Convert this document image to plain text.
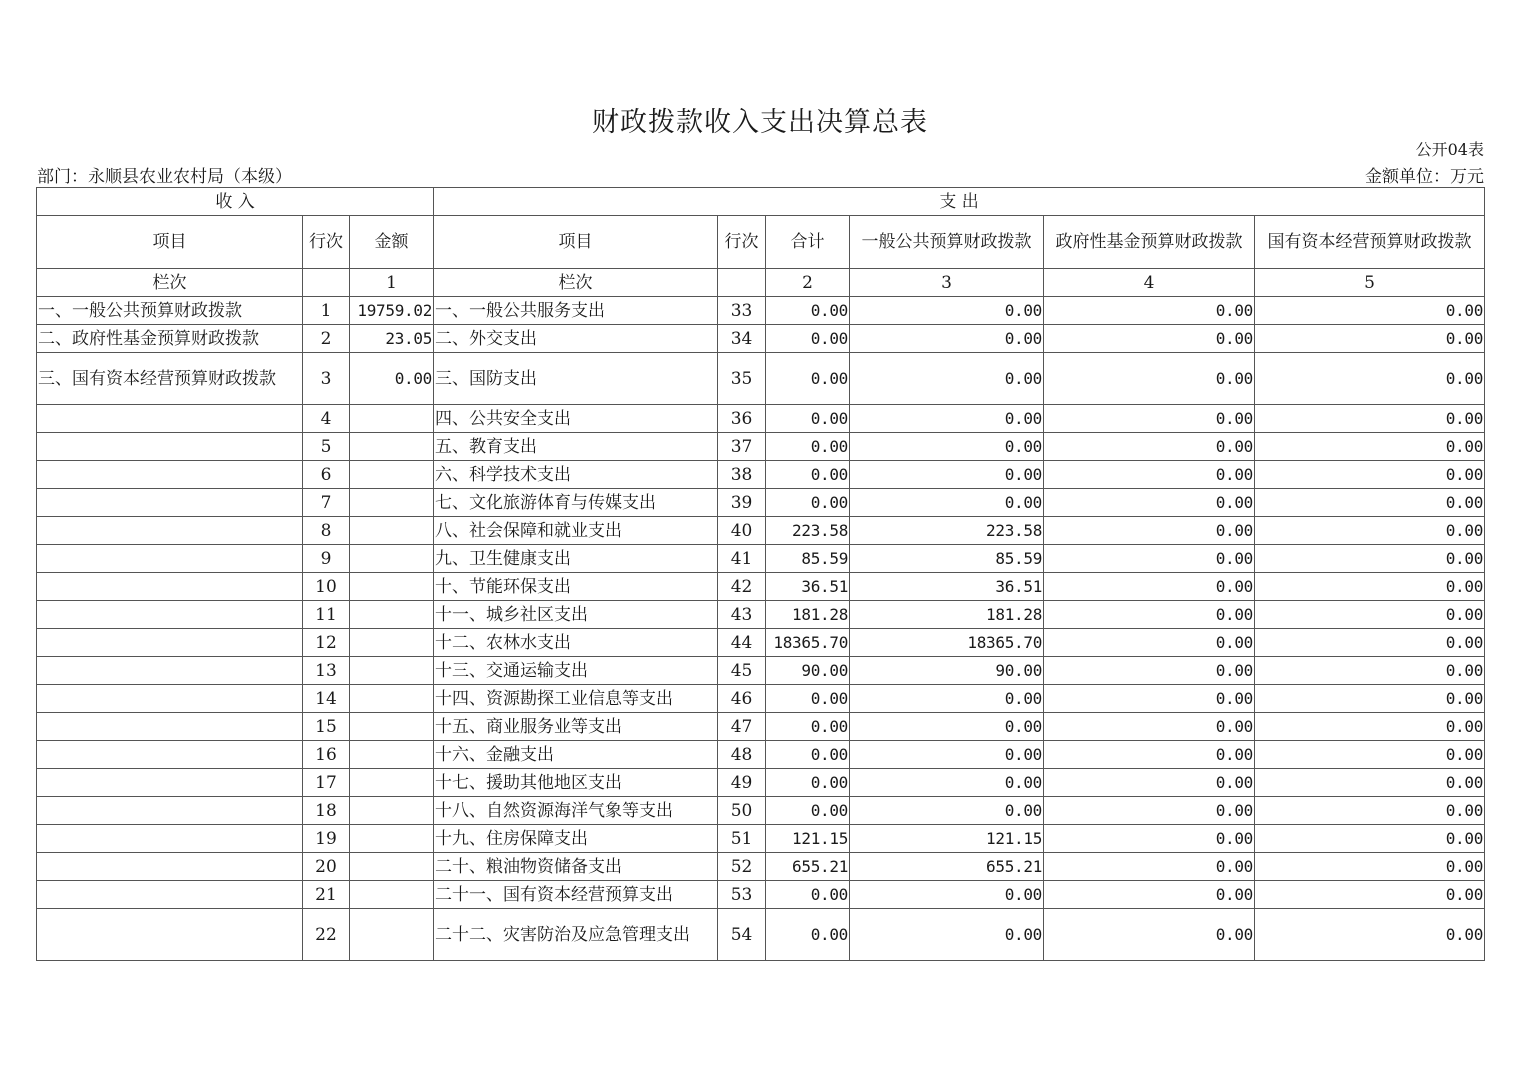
财政拨款收入支出决算总表
公开04表
部门：永顺县农业农村局（本级）	金额单位：万元
收 入			支 出					
项目	行次	金额	项目	行次	合计	一般公共预算财政拨款	政府性基金预算财政拨款	国有资本经营预算财政拨款
栏次		1	栏次		2	3	4	5
一、一般公共预算财政拨款	1	19759.02	一、一般公共服务支出	33	0.00	0.00	0.00	0.00
二、政府性基金预算财政拨款	2	23.05	二、外交支出	34	0.00	0.00	0.00	0.00
三、国有资本经营预算财政拨款	3	0.00	三、国防支出	35	0.00	0.00	0.00	0.00
	4		四、公共安全支出	36	0.00	0.00	0.00	0.00
	5		五、教育支出	37	0.00	0.00	0.00	0.00
	6		六、科学技术支出	38	0.00	0.00	0.00	0.00
	7		七、文化旅游体育与传媒支出	39	0.00	0.00	0.00	0.00
	8		八、社会保障和就业支出	40	223.58	223.58	0.00	0.00
	9		九、卫生健康支出	41	85.59	85.59	0.00	0.00
	10		十、节能环保支出	42	36.51	36.51	0.00	0.00
	11		十一、城乡社区支出	43	181.28	181.28	0.00	0.00
	12		十二、农林水支出	44	18365.70	18365.70	0.00	0.00
	13		十三、交通运输支出	45	90.00	90.00	0.00	0.00
	14		十四、资源勘探工业信息等支出	46	0.00	0.00	0.00	0.00
	15		十五、商业服务业等支出	47	0.00	0.00	0.00	0.00
	16		十六、金融支出	48	0.00	0.00	0.00	0.00
	17		十七、援助其他地区支出	49	0.00	0.00	0.00	0.00
	18		十八、自然资源海洋气象等支出	50	0.00	0.00	0.00	0.00
	19		十九、住房保障支出	51	121.15	121.15	0.00	0.00
	20		二十、粮油物资储备支出	52	655.21	655.21	0.00	0.00
	21		二十一、国有资本经营预算支出	53	0.00	0.00	0.00	0.00
	22		二十二、灾害防治及应急管理支出	54	0.00	0.00	0.00	0.00
